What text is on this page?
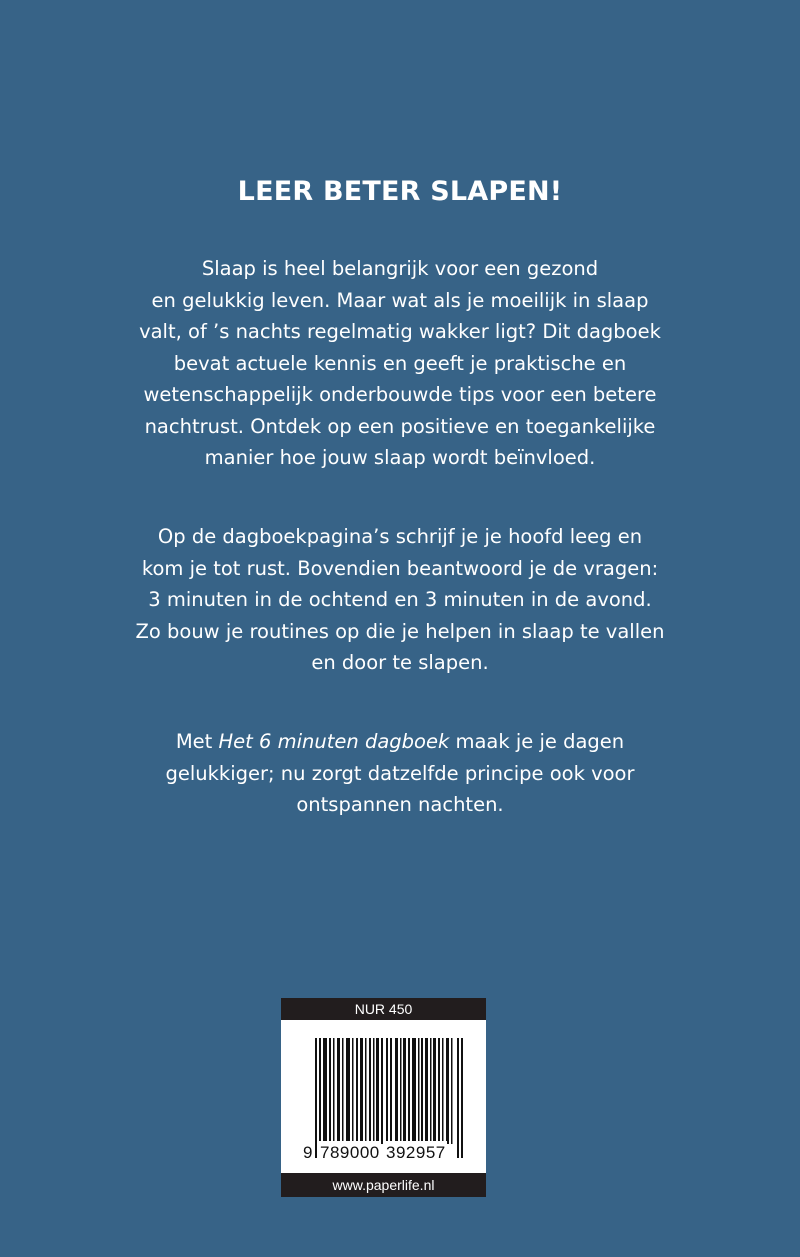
LEER BETER SLAPEN!
Slaap is heel belangrijk voor een gezond
en gelukkig leven. Maar wat als je moeilijk in slaap
valt, of ’s nachts regelmatig wakker ligt? Dit dagboek
bevat actuele kennis en geeft je praktische en
wetenschappelijk onderbouwde tips voor een betere
nachtrust. Ontdek op een positieve en toegankelijke
manier hoe jouw slaap wordt beïnvloed.
Op de dagboekpagina’s schrijf je je hoofd leeg en
kom je tot rust. Bovendien beantwoord je de vragen:
3 minuten in de ochtend en 3 minuten in de avond.
Zo bouw je routines op die je helpen in slaap te vallen
en door te slapen.
Met Het 6 minuten dagboek maak je je dagen
gelukkiger; nu zorgt datzelfde principe ook voor
ontspannen nachten.
NUR 450
9 789000 392957
www.paperlife.nl
